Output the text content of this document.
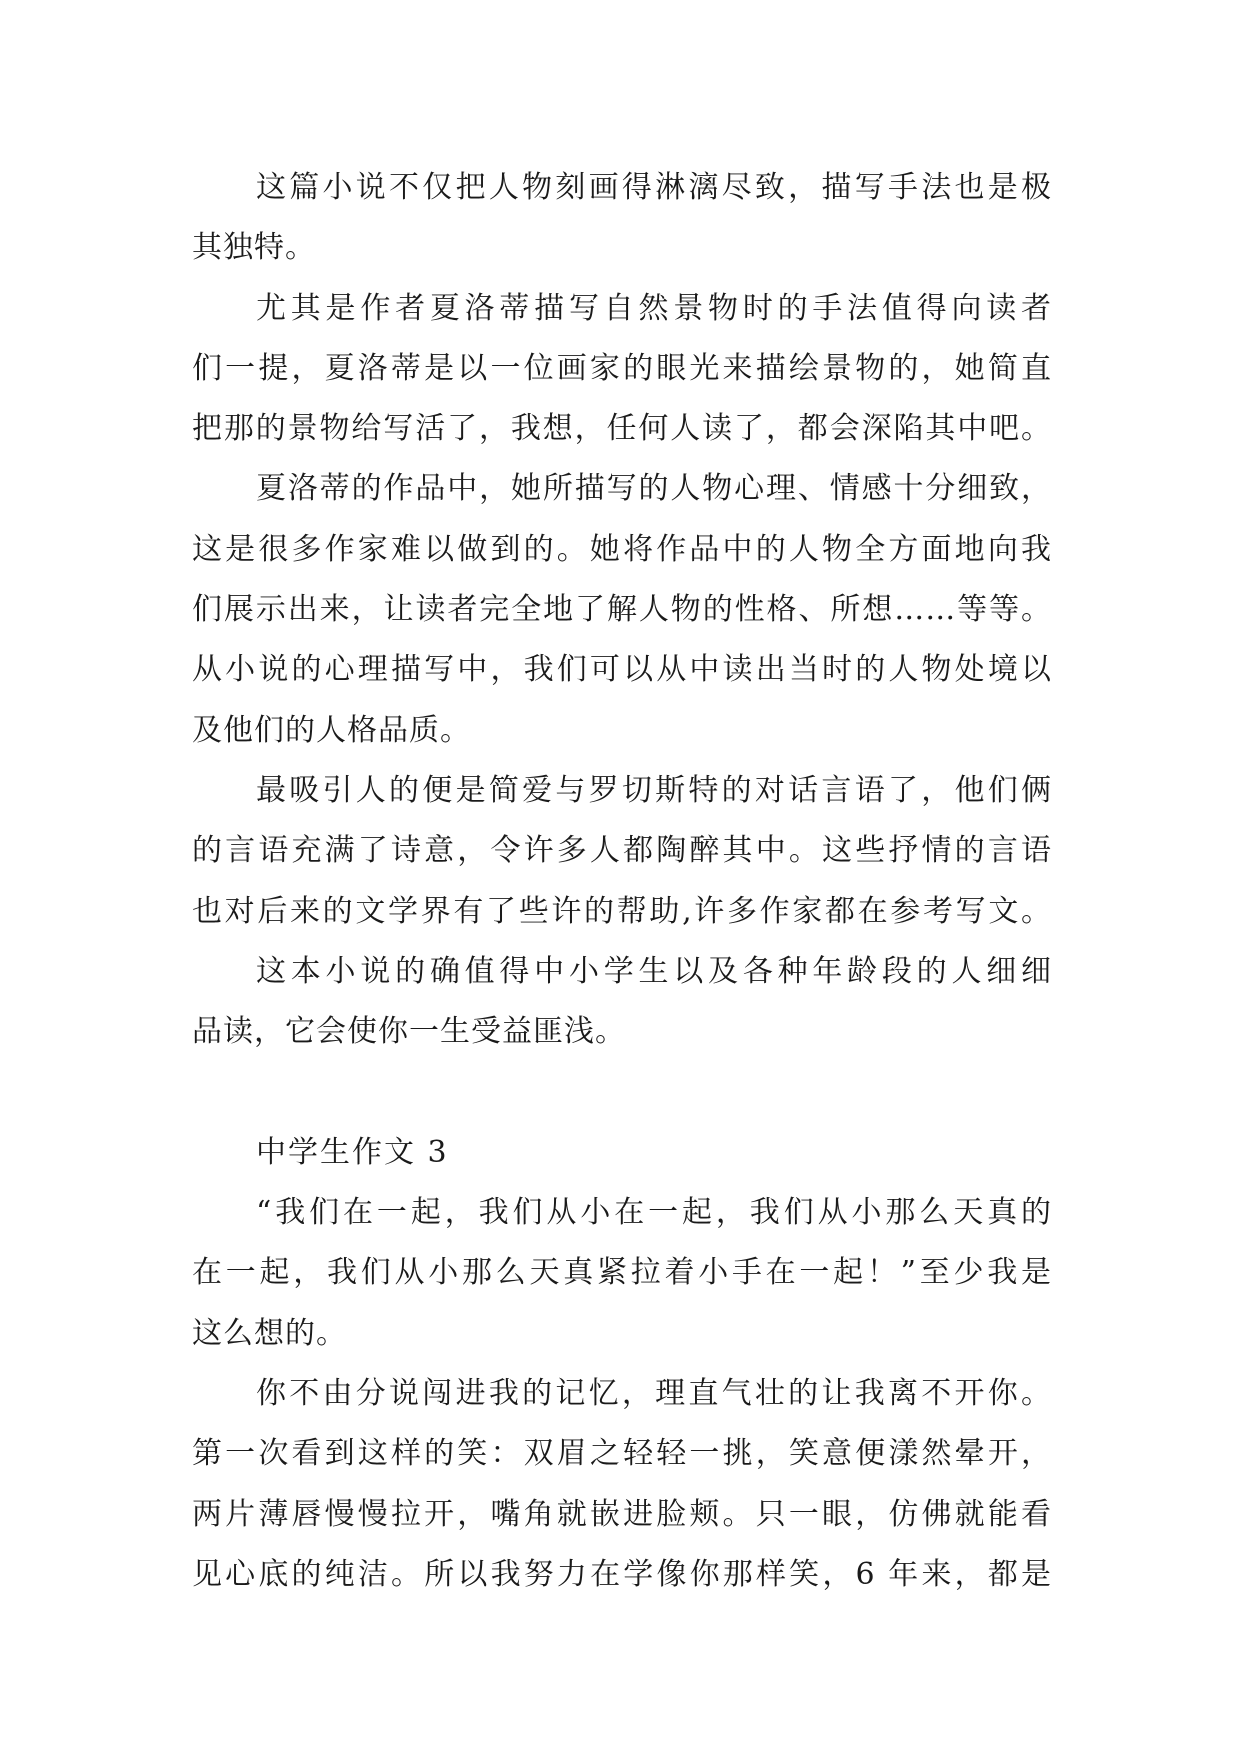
这篇小说不仅把人物刻画得淋漓尽致，描写手法也是极
其独特。
尤其是作者夏洛蒂描写自然景物时的手法值得向读者
们一提，夏洛蒂是以一位画家的眼光来描绘景物的，她简直
把那的景物给写活了，我想，任何人读了，都会深陷其中吧。
夏洛蒂的作品中，她所描写的人物心理、情感十分细致，
这是很多作家难以做到的。她将作品中的人物全方面地向我
们展示出来，让读者完全地了解人物的性格、所想……等等。
从小说的心理描写中，我们可以从中读出当时的人物处境以
及他们的人格品质。
最吸引人的便是简爱与罗切斯特的对话言语了，他们俩
的言语充满了诗意，令许多人都陶醉其中。这些抒情的言语
也对后来的文学界有了些许的帮助,许多作家都在参考写文。
这本小说的确值得中小学生以及各种年龄段的人细细
品读，它会使你一生受益匪浅。
中学生作文 3
“我们在一起，我们从小在一起，我们从小那么天真的
在一起，我们从小那么天真紧拉着小手在一起！”至少我是
这么想的。
你不由分说闯进我的记忆，理直气壮的让我离不开你。
第一次看到这样的笑：双眉之轻轻一挑，笑意便漾然晕开，
两片薄唇慢慢拉开，嘴角就嵌进脸颊。只一眼，仿佛就能看
见心底的纯洁。所以我努力在学像你那样笑，6 年来，都是
